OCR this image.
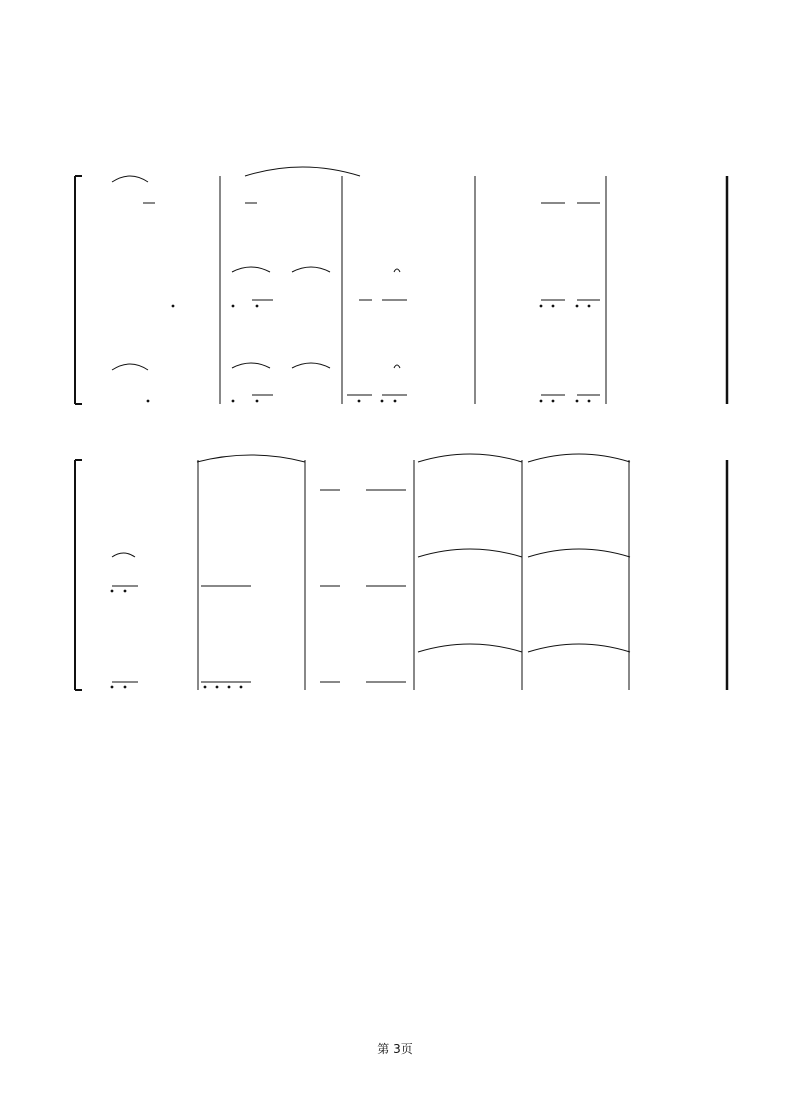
第 3页
